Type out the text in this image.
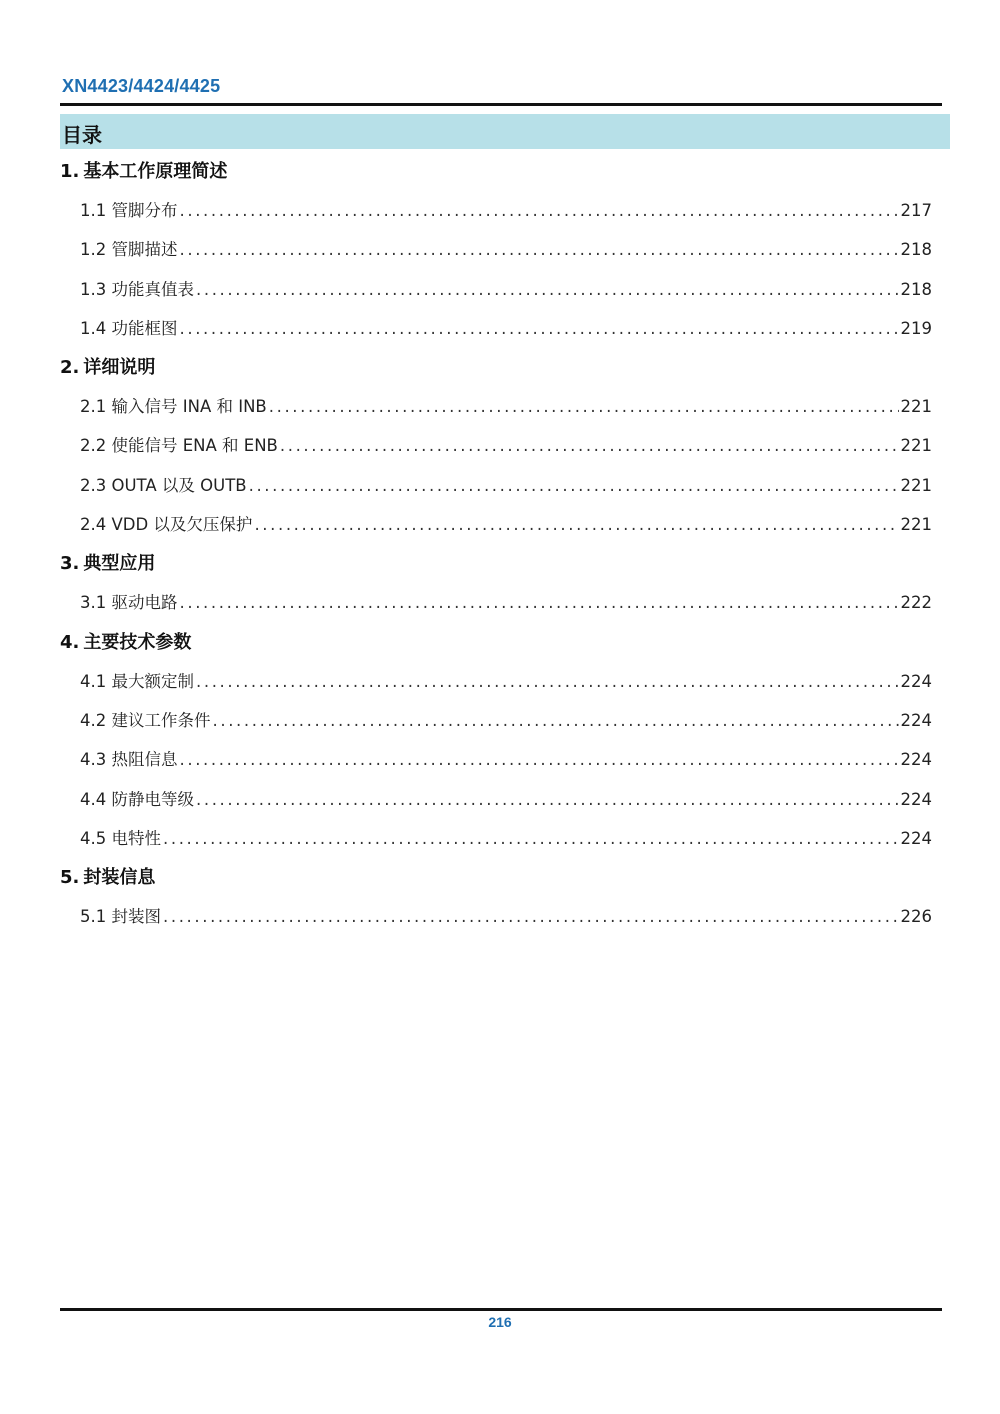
XN4423/4424/4425
目录
1. 基本工作原理简述
1.1 管脚分布 .....	217
1.2 管脚描述 .....	218
1.3 功能真值表 .....	218
1.4 功能框图 .....	219
2. 详细说明
2.1 输入信号 INA 和 INB .....	221
2.2 使能信号 ENA 和 ENB .....	221
2.3 OUTA 以及 OUTB .....	221
2.4 VDD 以及欠压保护 .....	221
3. 典型应用
3.1 驱动电路 .....	222
4. 主要技术参数
4.1 最大额定制 .....	224
4.2 建议工作条件 .....	224
4.3 热阻信息 .....	224
4.4 防静电等级 .....	224
4.5 电特性 .....	224
5. 封装信息
5.1 封装图 .....	226
216
